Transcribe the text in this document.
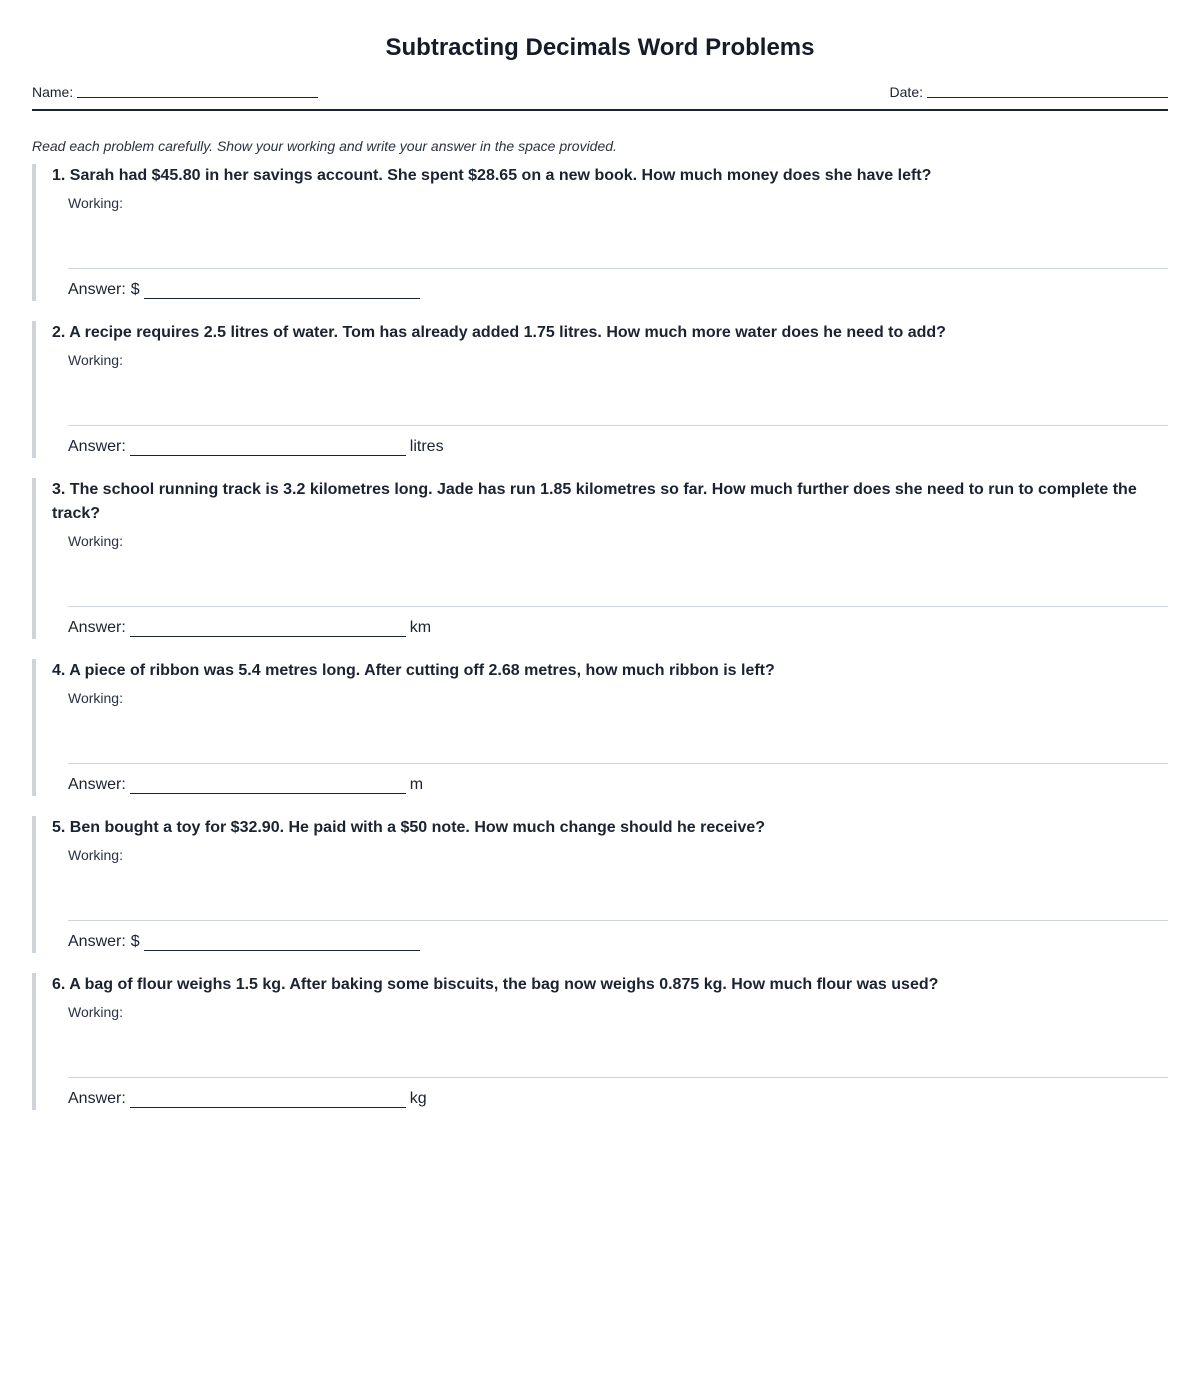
Subtracting Decimals Word Problems
Name:	Date:
Read each problem carefully. Show your working and write your answer in the space provided.
1. Sarah had $45.80 in her savings account. She spent $28.65 on a new book. How much money does she have left?
Working:
Answer: $
2. A recipe requires 2.5 litres of water. Tom has already added 1.75 litres. How much more water does he need to add?
Working:
Answer:	litres
3. The school running track is 3.2 kilometres long. Jade has run 1.85 kilometres so far. How much further does she need to run to complete the track?
Working:
Answer:	km
4. A piece of ribbon was 5.4 metres long. After cutting off 2.68 metres, how much ribbon is left?
Working:
Answer:	m
5. Ben bought a toy for $32.90. He paid with a $50 note. How much change should he receive?
Working:
Answer: $
6. A bag of flour weighs 1.5 kg. After baking some biscuits, the bag now weighs 0.875 kg. How much flour was used?
Working:
Answer:	kg
